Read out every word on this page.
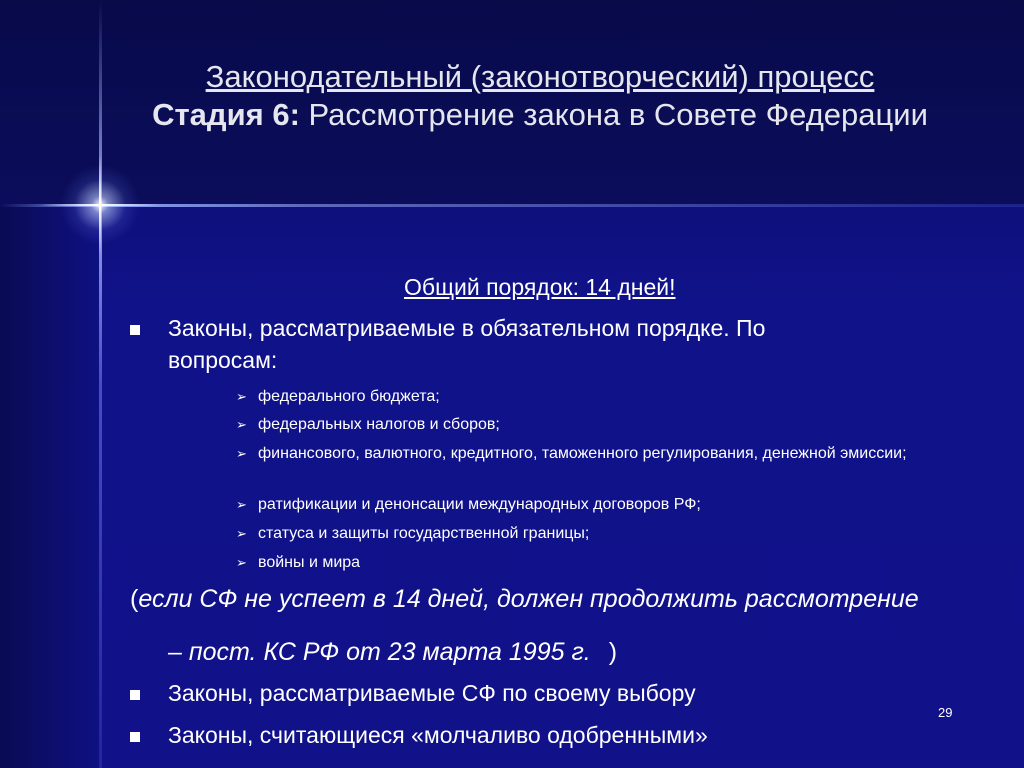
Законодательный (законотворческий) процесс
Стадия 6: Рассмотрение закона в Совете Федерации
Общий порядок: 14 дней!
Законы, рассматриваемые в обязательном порядке. По
вопросам:
➢ федерального бюджета;
➢ федеральных налогов и сборов;
➢ финансового, валютного, кредитного, таможенного регулирования, денежной эмиссии;
➢ ратификации и денонсации международных договоров РФ;
➢ статуса и защиты государственной границы;
➢ войны и мира
(если СФ не успеет в 14 дней, должен продолжить рассмотрение
– пост. КС РФ от 23 марта 1995 г. )
Законы, рассматриваемые СФ по своему выбору
Законы, считающиеся «молчаливо одобренными»
29
